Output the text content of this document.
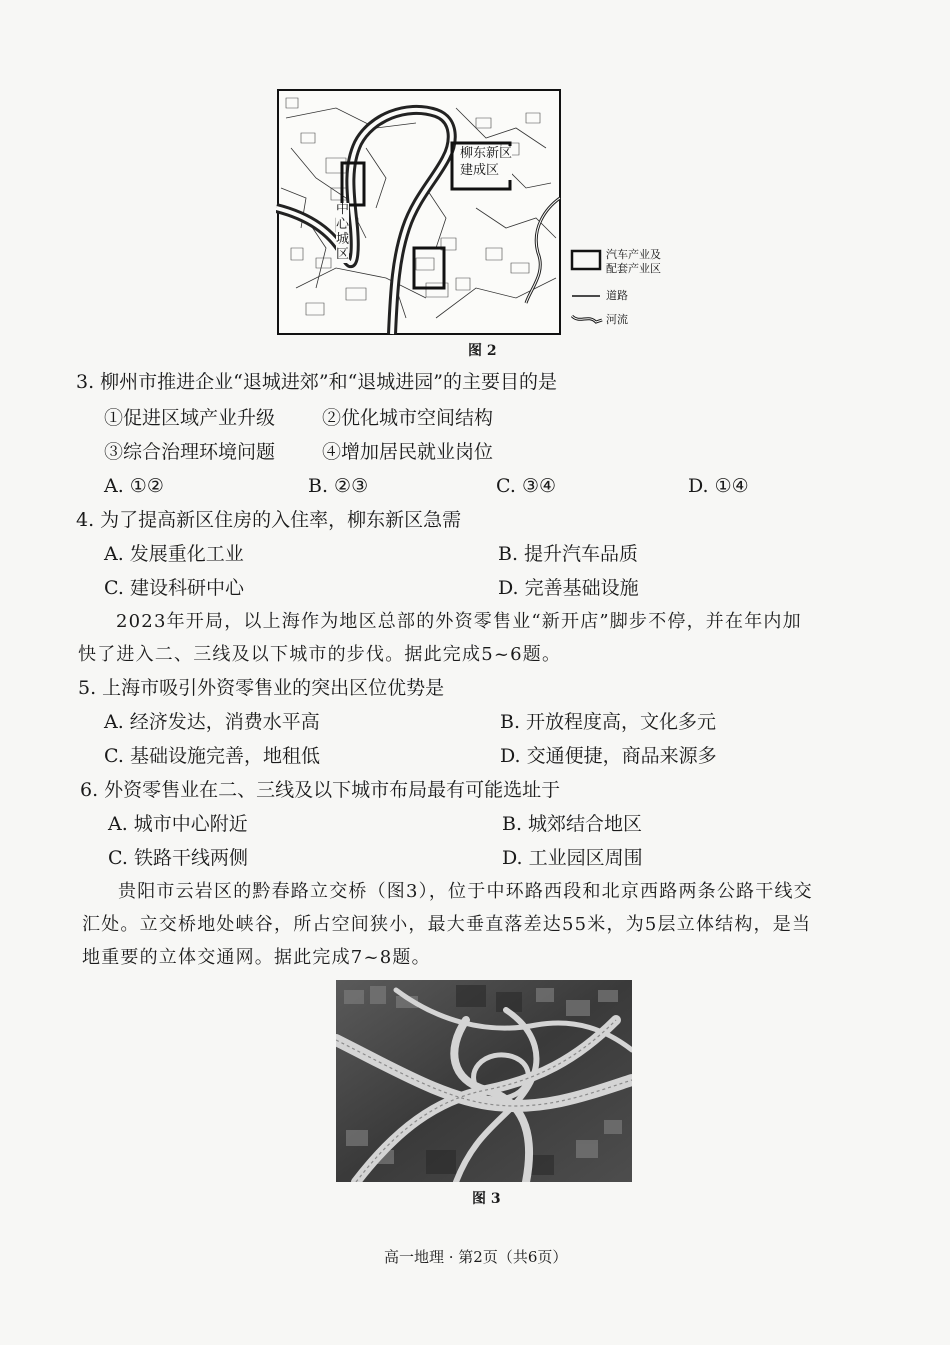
柳东新区
建成区
中
心
城
区	汽车产业及
配套产业区
道路
河流
图 2
3. 柳州市推进企业“退城进郊”和“退城进园”的主要目的是
①促进区域产业升级 ②优化城市空间结构
③综合治理环境问题 ④增加居民就业岗位
A. ①②	B. ②③	C. ③④	D. ①④
4. 为了提高新区住房的入住率，柳东新区急需
A. 发展重化工业	B. 提升汽车品质
C. 建设科研中心	D. 完善基础设施
2023年开局，以上海作为地区总部的外资零售业“新开店”脚步不停，并在年内加
快了进入二、三线及以下城市的步伐。据此完成5~6题。
5. 上海市吸引外资零售业的突出区位优势是
A. 经济发达，消费水平高	B. 开放程度高，文化多元
C. 基础设施完善，地租低	D. 交通便捷，商品来源多
6. 外资零售业在二、三线及以下城市布局最有可能选址于
A. 城市中心附近	B. 城郊结合地区
C. 铁路干线两侧	D. 工业园区周围
贵阳市云岩区的黔春路立交桥（图3），位于中环路西段和北京西路两条公路干线交
汇处。立交桥地处峡谷，所占空间狭小，最大垂直落差达55米，为5层立体结构，是当
地重要的立体交通网。据此完成7~8题。
图 3
高一地理 · 第2页（共6页）
